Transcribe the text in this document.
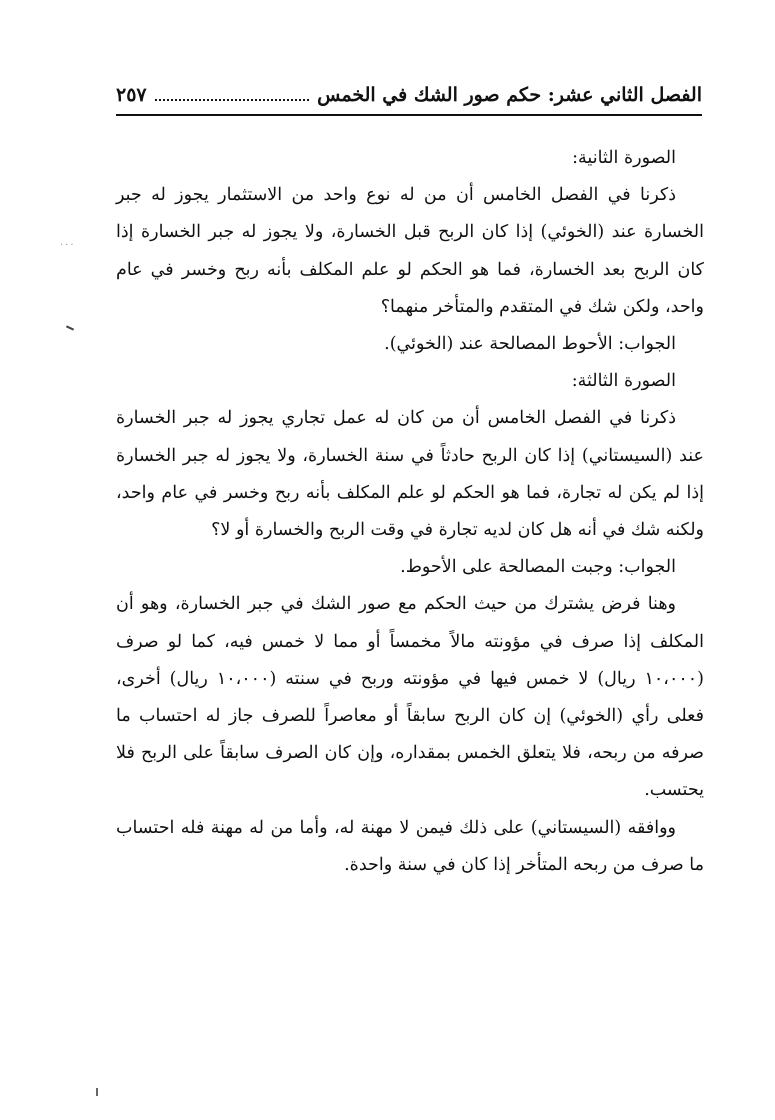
الفصل الثاني عشر: حكم صور الشك في الخمس
٢٥٧
···

الصورة الثانية:

ذكرنا في الفصل الخامس أن من له نوع واحد من الاستثمار يجوز له جبر الخسارة عند (الخوئي) إذا كان الربح قبل الخسارة، ولا يجوز له جبر الخسارة إذا كان الربح بعد الخسارة، فما هو الحكم لو علم المكلف بأنه ربح وخسر في عام واحد، ولكن شك في المتقدم والمتأخر منهما؟

الجواب: الأحوط المصالحة عند (الخوئي).

الصورة الثالثة:

ذكرنا في الفصل الخامس أن من كان له عمل تجاري يجوز له جبر الخسارة عند (السيستاني) إذا كان الربح حادثاً في سنة الخسارة، ولا يجوز له جبر الخسارة إذا لم يكن له تجارة، فما هو الحكم لو علم المكلف بأنه ربح وخسر في عام واحد، ولكنه شك في أنه هل كان لديه تجارة في وقت الربح والخسارة أو لا؟

الجواب: وجبت المصالحة على الأحوط.

وهنا فرض يشترك من حيث الحكم مع صور الشك في جبر الخسارة، وهو أن المكلف إذا صرف في مؤونته مالاً مخمساً أو مما لا خمس فيه، كما لو صرف (١٠،٠٠٠ ريال) لا خمس فيها في مؤونته وربح في سنته (١٠،٠٠٠ ريال) أخرى، فعلى رأي (الخوئي) إن كان الربح سابقاً أو معاصراً للصرف جاز له احتساب ما صرفه من ربحه، فلا يتعلق الخمس بمقداره، وإن كان الصرف سابقاً على الربح فلا يحتسب.

ووافقه (السيستاني) على ذلك فيمن لا مهنة له، وأما من له مهنة فله احتساب ما صرف من ربحه المتأخر إذا كان في سنة واحدة.
